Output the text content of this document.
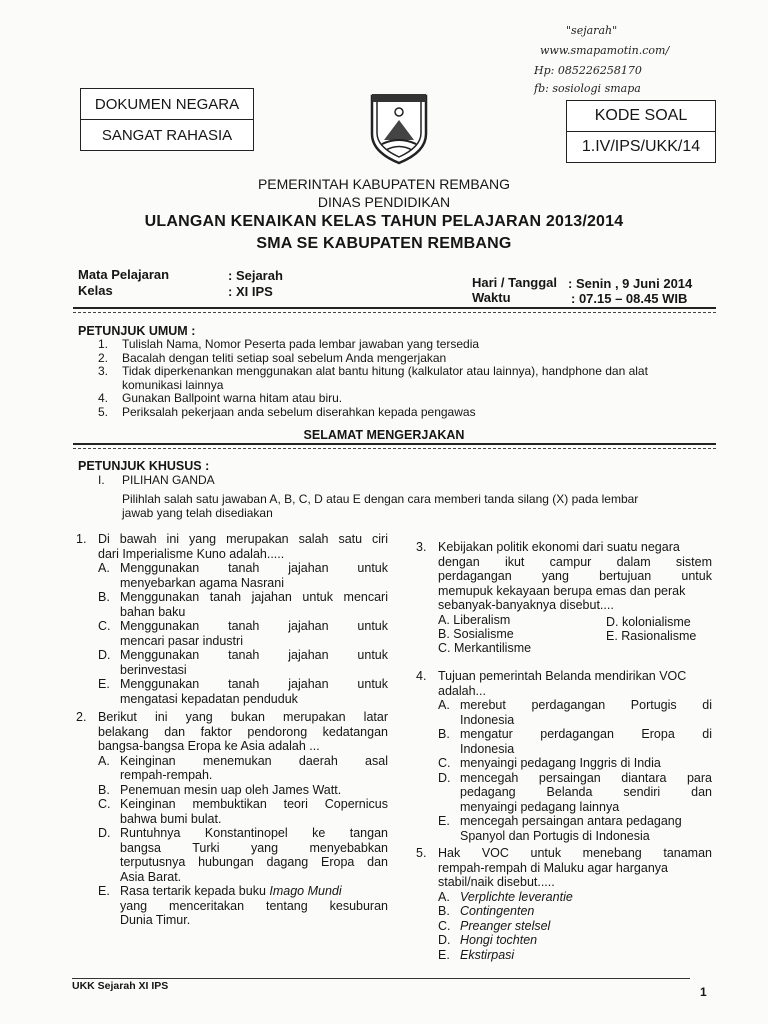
"sejarah"
www.smapamotin.com/
Hp: 085226258170
fb: sosiologi smapa
DOKUMEN NEGARA
SANGAT RAHASIA
KODE SOAL
1.IV/IPS/UKK/14
PEMERINTAH KABUPATEN REMBANG
DINAS PENDIDIKAN
ULANGAN KENAIKAN KELAS TAHUN PELAJARAN 2013/2014
SMA SE KABUPATEN REMBANG
Mata Pelajaran	: Sejarah
Kelas	: XI IPS
Hari / Tanggal : Senin , 9 Juni 2014
Waktu	: 07.15 – 08.45 WIB
PETUNJUK UMUM :
1. Tulislah Nama, Nomor Peserta pada lembar jawaban yang tersedia
2. Bacalah dengan teliti setiap soal sebelum Anda mengerjakan
3. Tidak diperkenankan menggunakan alat bantu hitung (kalkulator atau lainnya), handphone dan alat komunikasi lainnya
4. Gunakan Ballpoint warna hitam atau biru.
5. Periksalah pekerjaan anda sebelum diserahkan kepada pengawas
SELAMAT MENGERJAKAN
PETUNJUK KHUSUS :
I. PILIHAN GANDA
Pilihlah salah satu jawaban A, B, C, D atau E dengan cara memberi tanda silang (X) pada lembar
jawab yang telah disediakan
1. Di bawah ini yang merupakan salah satu ciri
dari Imperialisme Kuno adalah.....
A. Menggunakan tanah jajahan untuk
menyebarkan agama Nasrani
B. Menggunakan tanah jajahan untuk mencari
bahan baku
C. Menggunakan tanah jajahan untuk
mencari pasar industri
D. Menggunakan tanah jajahan untuk
berinvestasi
E. Menggunakan tanah jajahan untuk
mengatasi kepadatan penduduk
2. Berikut ini yang bukan merupakan latar
belakang dan faktor pendorong kedatangan
bangsa-bangsa Eropa ke Asia adalah ...
A. Keinginan menemukan daerah asal
rempah-rempah.
B. Penemuan mesin uap oleh James Watt.
C. Keinginan membuktikan teori Copernicus
bahwa bumi bulat.
D. Runtuhnya Konstantinopel ke tangan
bangsa Turki yang menyebabkan
terputusnya hubungan dagang Eropa dan
Asia Barat.
E. Rasa tertarik kepada buku Imago Mundi
yang menceritakan tentang kesuburan
Dunia Timur.
3. Kebijakan politik ekonomi dari suatu negara
dengan ikut campur dalam sistem
perdagangan yang bertujuan untuk
memupuk kekayaan berupa emas dan perak
sebanyak-banyaknya disebut....
A. Liberalism
B. Sosialisme
C. Merkantilisme
D. kolonialisme
E. Rasionalisme
4. Tujuan pemerintah Belanda mendirikan VOC
adalah...
A. merebut perdagangan Portugis di
Indonesia
B. mengatur perdagangan Eropa di
Indonesia
C. menyaingi pedagang Inggris di India
D. mencegah persaingan diantara para
pedagang Belanda sendiri dan
menyaingi pedagang lainnya
E. mencegah persaingan antara pedagang
Spanyol dan Portugis di Indonesia
5. Hak VOC untuk menebang tanaman
rempah-rempah di Maluku agar harganya
stabil/naik disebut.....
A. Verplichte leverantie
B. Contingenten
C. Preanger stelsel
D. Hongi tochten
E. Ekstirpasi
UKK Sejarah XI IPS	1
